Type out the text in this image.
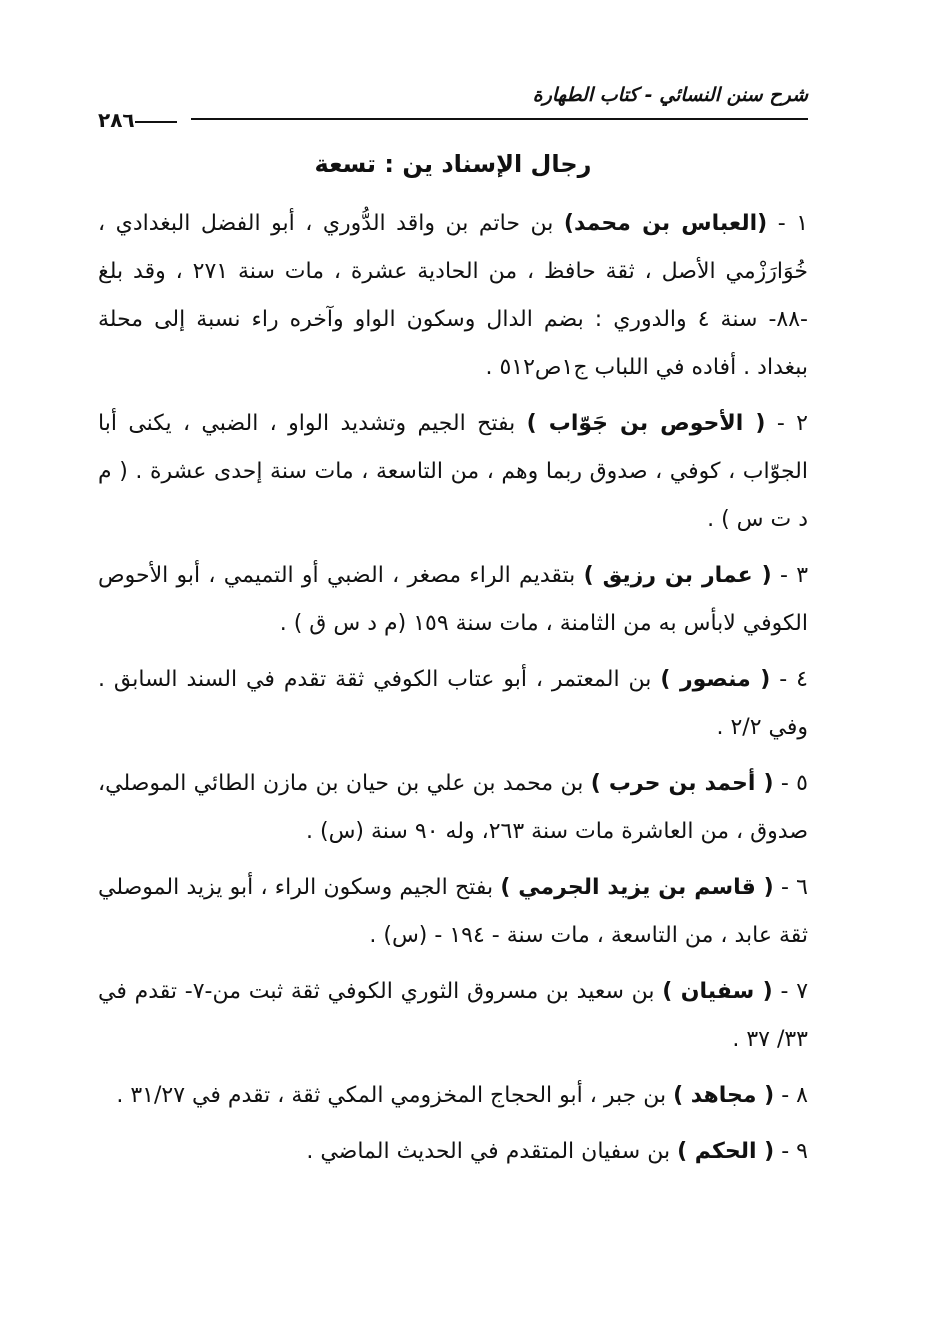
شرح سنن النسائي - كتاب الطهارة
٢٨٦
رجال الإسناد ين : تسعة

١ - (العباس بن محمد) بن حاتم بن واقد الدُّوري ، أبو الفضل البغدادي ، خُوَارَزْمي الأصل ، ثقة حافظ ، من الحادية عشرة ، مات سنة ٢٧١ ، وقد بلغ -٨٨- سنة ٤ والدوري : بضم الدال وسكون الواو وآخره راء نسبة إلى محلة ببغداد . أفاده في اللباب ج١ص٥١٢ .

٢ - ( الأحوص بن جَوّاب ) بفتح الجيم وتشديد الواو ، الضبي ، يكنى أبا الجوّاب ، كوفي ، صدوق ربما وهم ، من التاسعة ، مات سنة إحدى عشرة . ( م د ت س ) .

٣ - ( عمار بن رزيق ) بتقديم الراء مصغر ، الضبي أو التميمي ، أبو الأحوص الكوفي لابأس به من الثامنة ، مات سنة ١٥٩ (م د س ق ) .

٤ - ( منصور ) بن المعتمر ، أبو عتاب الكوفي ثقة تقدم في السند السابق . وفي ٢/٢ .

٥ - ( أحمد بن حرب ) بن محمد بن علي بن حيان بن مازن الطائي الموصلي، صدوق ، من العاشرة مات سنة ٢٦٣، وله ٩٠ سنة (س) .

٦ - ( قاسم بن يزيد الجرمي ) بفتح الجيم وسكون الراء ، أبو يزيد الموصلي ثقة عابد ، من التاسعة ، مات سنة - ١٩٤ - (س) .

٧ - ( سفيان ) بن سعيد بن مسروق الثوري الكوفي ثقة ثبت من-٧- تقدم في ٣٣/ ٣٧ .

٨ - ( مجاهد ) بن جبر ، أبو الحجاج المخزومي المكي ثقة ، تقدم في ٣١/٢٧ .

٩ - ( الحكم ) بن سفيان المتقدم في الحديث الماضي .
